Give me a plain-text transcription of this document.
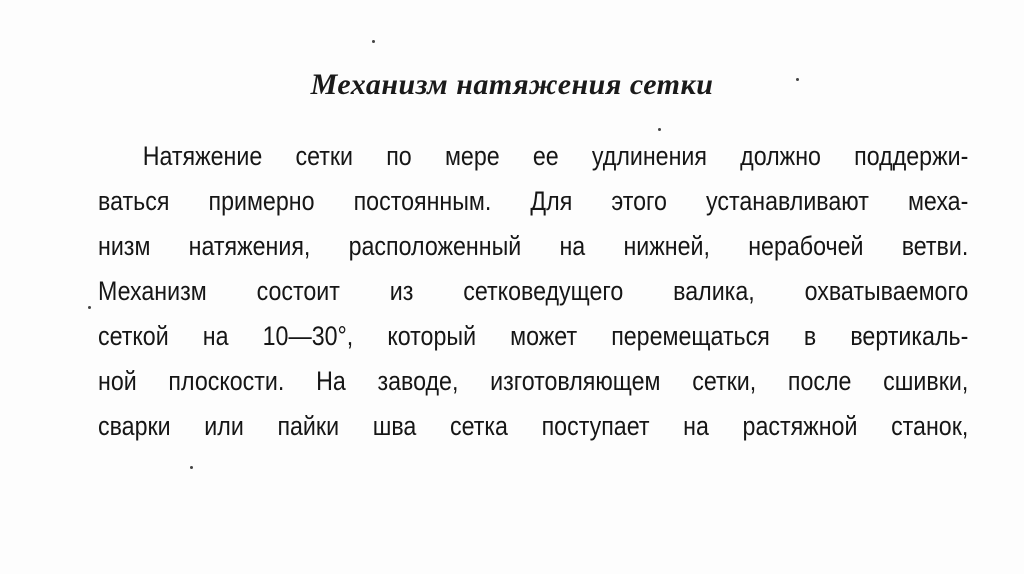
Механизм натяжения сетки
Натяжение сетки по мере ее удлинения должно поддержи-
ваться примерно постоянным. Для этого устанавливают меха-
низм натяжения, расположенный на нижней, нерабочей ветви.
Механизм состоит из сетковедущего валика, охватываемого
сеткой на 10—30°, который может перемещаться в вертикаль-
ной плоскости. На заводе, изготовляющем сетки, после сшивки,
сварки или пайки шва сетка поступает на растяжной станок,
